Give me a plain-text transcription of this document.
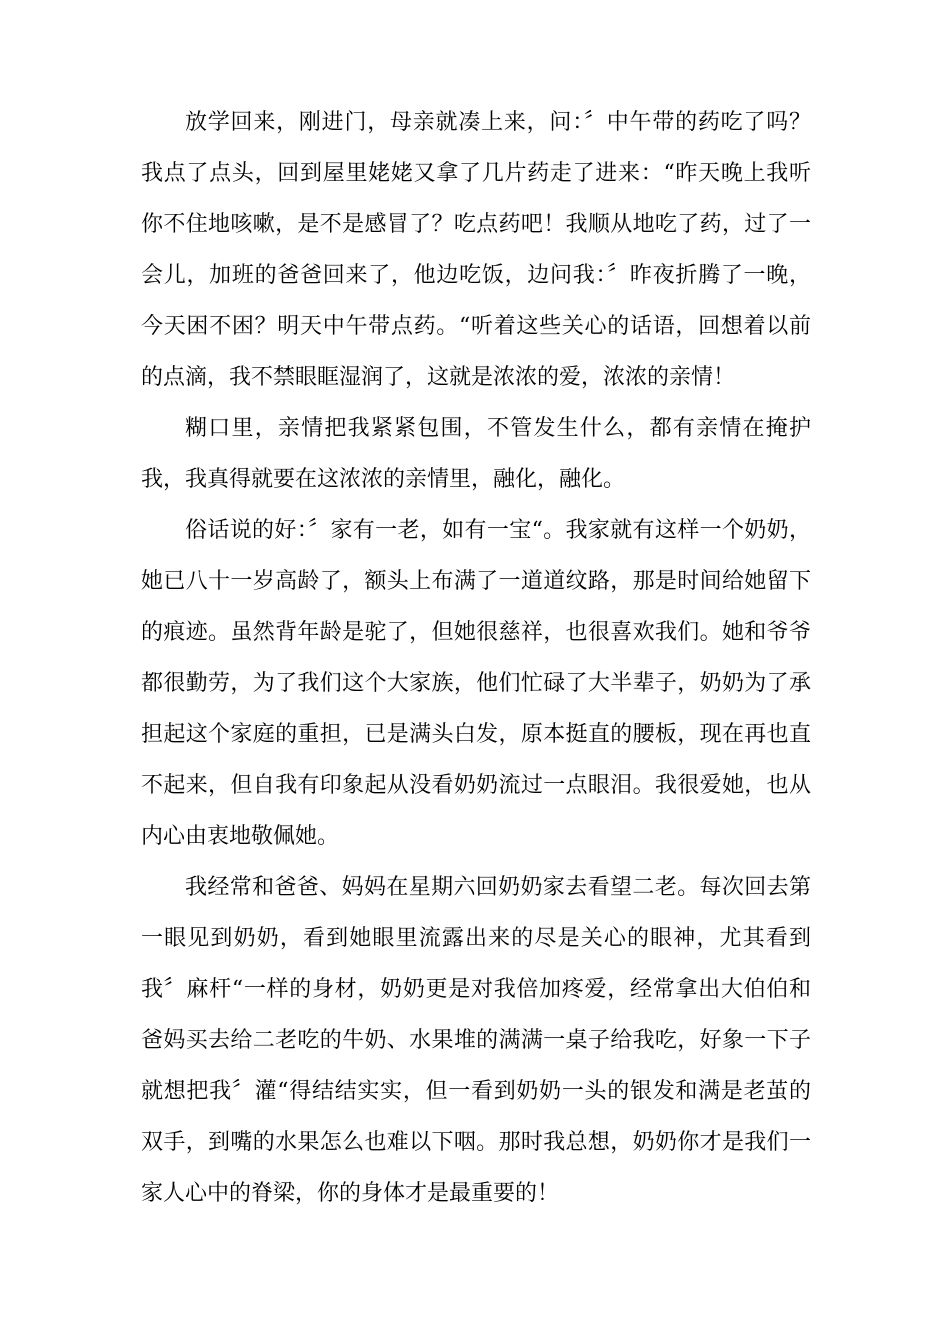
放学回来，刚进门，母亲就凑上来，问：〞中午带的药吃了吗？我点了点头，回到屋里姥姥又拿了几片药走了进来：“昨天晚上我听你不住地咳嗽，是不是感冒了？吃点药吧！我顺从地吃了药，过了一会儿，加班的爸爸回来了，他边吃饭，边问我：〞昨夜折腾了一晚，今天困不困？明天中午带点药。“听着这些关心的话语，回想着以前的点滴，我不禁眼眶湿润了，这就是浓浓的爱，浓浓的亲情！

糊口里，亲情把我紧紧包围，不管发生什么，都有亲情在掩护我，我真得就要在这浓浓的亲情里，融化，融化。

俗话说的好：〞家有一老，如有一宝“。我家就有这样一个奶奶，她已八十一岁高龄了，额头上布满了一道道纹路，那是时间给她留下的痕迹。虽然背年龄是驼了，但她很慈祥，也很喜欢我们。她和爷爷都很勤劳，为了我们这个大家族，他们忙碌了大半辈子，奶奶为了承担起这个家庭的重担，已是满头白发，原本挺直的腰板，现在再也直不起来，但自我有印象起从没看奶奶流过一点眼泪。我很爱她，也从内心由衷地敬佩她。

我经常和爸爸、妈妈在星期六回奶奶家去看望二老。每次回去第一眼见到奶奶，看到她眼里流露出来的尽是关心的眼神，尤其看到我〞麻杆“一样的身材，奶奶更是对我倍加疼爱，经常拿出大伯伯和爸妈买去给二老吃的牛奶、水果堆的满满一桌子给我吃，好象一下子就想把我〞灌“得结结实实，但一看到奶奶一头的银发和满是老茧的双手，到嘴的水果怎么也难以下咽。那时我总想，奶奶你才是我们一家人心中的脊梁，你的身体才是最重要的！
